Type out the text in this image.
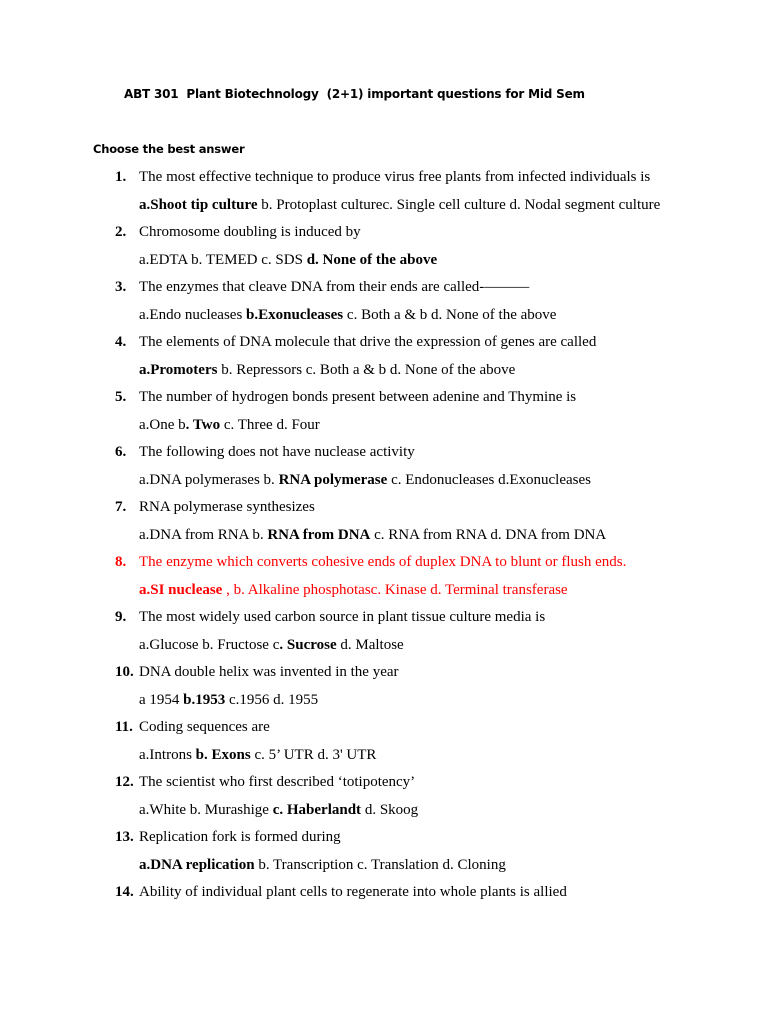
ABT 301  Plant Biotechnology  (2+1) important questions for Mid Sem
Choose the best answer
1. The most effective technique to produce virus free plants from infected individuals is
a.Shoot tip culture b. Protoplast culturec. Single cell culture d. Nodal segment culture
2. Chromosome doubling is induced by
a.EDTA b. TEMED c. SDS d. None of the above
3. The enzymes that cleave DNA from their ends are called-———
a.Endo nucleases b.Exonucleases c. Both a & b d. None of the above
4. The elements of DNA molecule that drive the expression of genes are called
a.Promoters b. Repressors c. Both a & b d. None of the above
5. The number of hydrogen bonds present between adenine and Thymine is
a.One b. Two c. Three d. Four
6. The following does not have nuclease activity
a.DNA polymerases b. RNA polymerase c. Endonucleases d.Exonucleases
7. RNA polymerase synthesizes
a.DNA from RNA b. RNA from DNA c. RNA from RNA d. DNA from DNA
8. The enzyme which converts cohesive ends of duplex DNA to blunt or flush ends.
a.SI nuclease , b. Alkaline phosphotasc. Kinase d. Terminal transferase
9. The most widely used carbon source in plant tissue culture media is
a.Glucose b. Fructose c. Sucrose d. Maltose
10. DNA double helix was invented in the year
a 1954 b.1953 c.1956 d. 1955
11. Coding sequences are
a.Introns b. Exons c. 5’ UTR d. 3' UTR
12. The scientist who first described ‘totipotency’
a.White b. Murashige c. Haberlandt d. Skoog
13. Replication fork is formed during
a.DNA replication b. Transcription c. Translation d. Cloning
14. Ability of individual plant cells to regenerate into whole plants is allied
